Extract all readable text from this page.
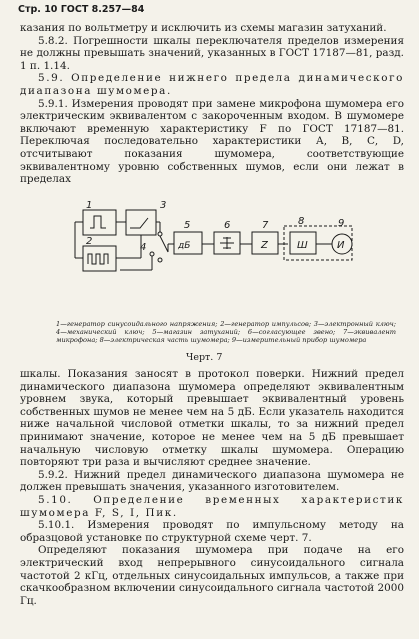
Стр. 10 ГОСТ 8.257—84

казания по вольтметру и исключить из схемы магазин затуханий.

5.8.2. Погрешности шкалы переключателя пределов измерения не должны превышать значений, указанных в ГОСТ 17187—81, разд. 1 п. 1.14.

5.9. Определение нижнего предела динамического диапазона шумомера.

5.9.1. Измерения проводят при замене микрофона шумомера его электрическим эквивалентом с закороченным входом. В шумомере включают временную характеристику F по ГОСТ 17187—81. Переключая последовательно характеристики А, В, С, D, отсчитывают показания шумомера, соответствующие эквивалентному уровню собственных шумов, если они лежат в пределах

1
2
3
4
5	6	7	8	9
дБ	Z	Ш	И
1—генератор синусоидального напряжения; 2—генератор импульсов; 3—электронный ключ; 4—механический ключ; 5—магазин затуханий; 6—согласующее звено; 7—эквивалент микрофона; 8—электрическая часть шумомера; 9—измерительный прибор шумомера
Черт. 7

шкалы. Показания заносят в протокол поверки. Нижний предел динамического диапазона шумомера определяют эквивалентным уровнем звука, который превышает эквивалентный уровень собственных шумов не менее чем на 5 дБ. Если указатель находится ниже начальной числовой отметки шкалы, то за нижний предел принимают значение, которое не менее чем на 5 дБ превышает начальную числовую отметку шкалы шумомера. Операцию повторяют три раза и вычисляют среднее значение.

5.9.2. Нижний предел динамического диапазона шумомера не должен превышать значения, указанного изготовителем.

5.10. Определение временных характеристик шумомера F, S, I, Пик.

5.10.1. Измерения проводят по импульсному методу на образцовой установке по структурной схеме черт. 7.

Определяют показания шумомера при подаче на его электрический вход непрерывного синусоидального сигнала частотой 2 кГц, отдельных синусоидальных импульсов, а также при скачкообразном включении синусоидального сигнала частотой 2000 Гц.
